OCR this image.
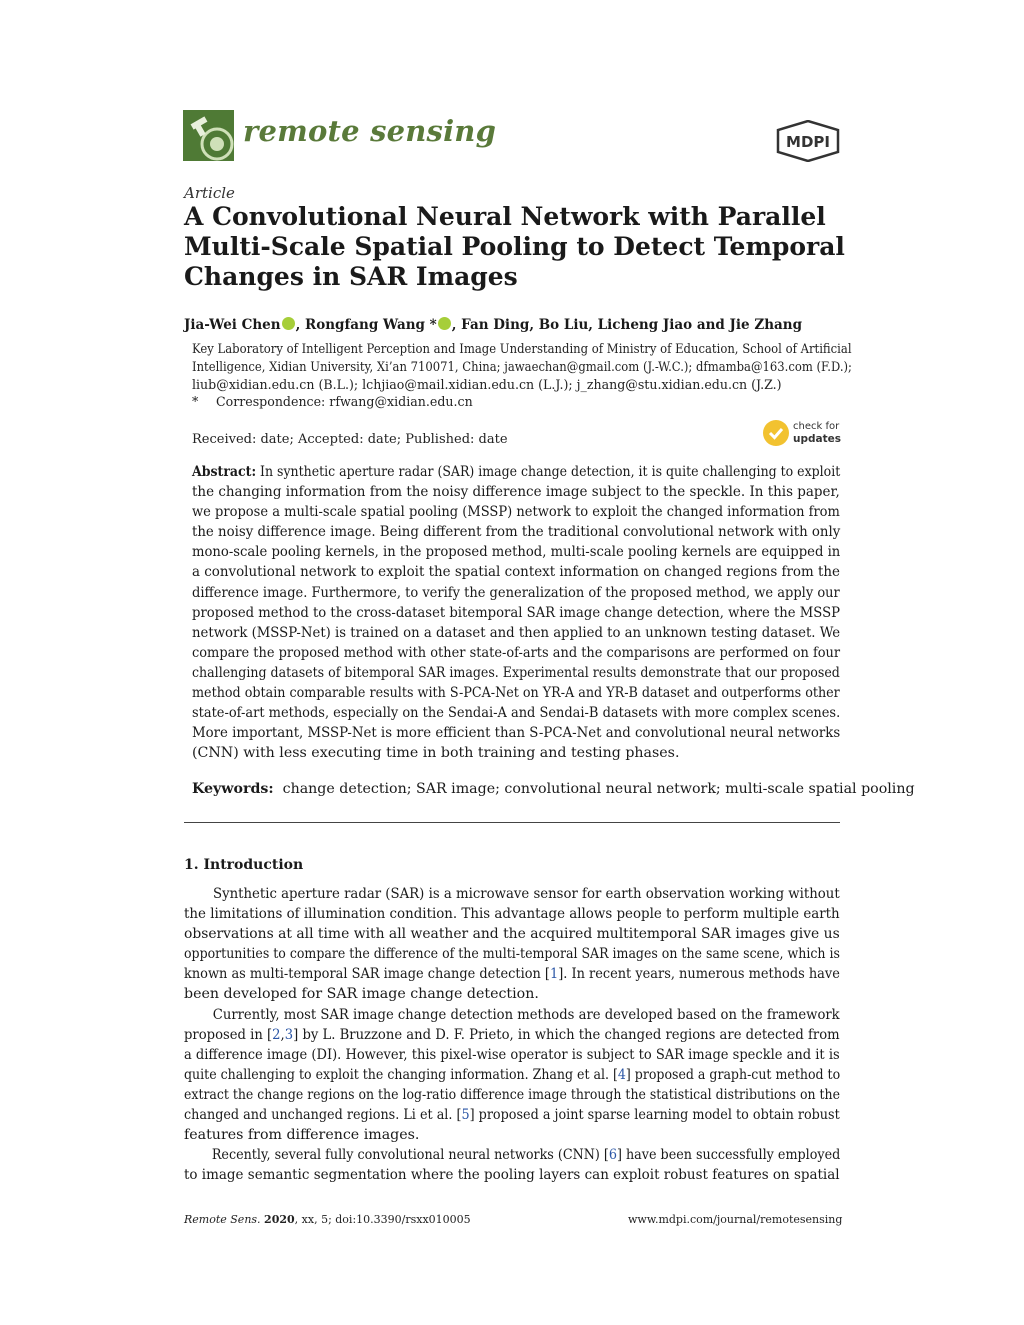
remote sensing	MDPI
Article
A Convolutional Neural Network with Parallel
Multi-Scale Spatial Pooling to Detect Temporal
Changes in SAR Images
Jia-Wei Chen , Rongfang Wang * , Fan Ding, Bo Liu, Licheng Jiao and Jie Zhang
Key Laboratory of Intelligent Perception and Image Understanding of Ministry of Education, School of Artificial
Intelligence, Xidian University, Xi’an 710071, China; jawaechan@gmail.com (J.-W.C.); dfmamba@163.com (F.D.);
liub@xidian.edu.cn (B.L.); lchjiao@mail.xidian.edu.cn (L.J.); j_zhang@stu.xidian.edu.cn (J.Z.)
* Correspondence: rfwang@xidian.edu.cn
Received: date; Accepted: date; Published: date
check for
updates
Abstract: In synthetic aperture radar (SAR) image change detection, it is quite challenging to exploit
the changing information from the noisy difference image subject to the speckle. In this paper,
we propose a multi-scale spatial pooling (MSSP) network to exploit the changed information from
the noisy difference image. Being different from the traditional convolutional network with only
mono-scale pooling kernels, in the proposed method, multi-scale pooling kernels are equipped in
a convolutional network to exploit the spatial context information on changed regions from the
difference image. Furthermore, to verify the generalization of the proposed method, we apply our
proposed method to the cross-dataset bitemporal SAR image change detection, where the MSSP
network (MSSP-Net) is trained on a dataset and then applied to an unknown testing dataset. We
compare the proposed method with other state-of-arts and the comparisons are performed on four
challenging datasets of bitemporal SAR images. Experimental results demonstrate that our proposed
method obtain comparable results with S-PCA-Net on YR-A and YR-B dataset and outperforms other
state-of-art methods, especially on the Sendai-A and Sendai-B datasets with more complex scenes.
More important, MSSP-Net is more efficient than S-PCA-Net and convolutional neural networks
(CNN) with less executing time in both training and testing phases.
Keywords: change detection; SAR image; convolutional neural network; multi-scale spatial pooling
1. Introduction
Synthetic aperture radar (SAR) is a microwave sensor for earth observation working without
the limitations of illumination condition. This advantage allows people to perform multiple earth
observations at all time with all weather and the acquired multitemporal SAR images give us
opportunities to compare the difference of the multi-temporal SAR images on the same scene, which is
known as multi-temporal SAR image change detection [1]. In recent years, numerous methods have
been developed for SAR image change detection.
Currently, most SAR image change detection methods are developed based on the framework
proposed in [2,3] by L. Bruzzone and D. F. Prieto, in which the changed regions are detected from
a difference image (DI). However, this pixel-wise operator is subject to SAR image speckle and it is
quite challenging to exploit the changing information. Zhang et al. [4] proposed a graph-cut method to
extract the change regions on the log-ratio difference image through the statistical distributions on the
changed and unchanged regions. Li et al. [5] proposed a joint sparse learning model to obtain robust
features from difference images.
Recently, several fully convolutional neural networks (CNN) [6] have been successfully employed
to image semantic segmentation where the pooling layers can exploit robust features on spatial
Remote Sens. 2020, xx, 5; doi:10.3390/rsxx010005	www.mdpi.com/journal/remotesensing
